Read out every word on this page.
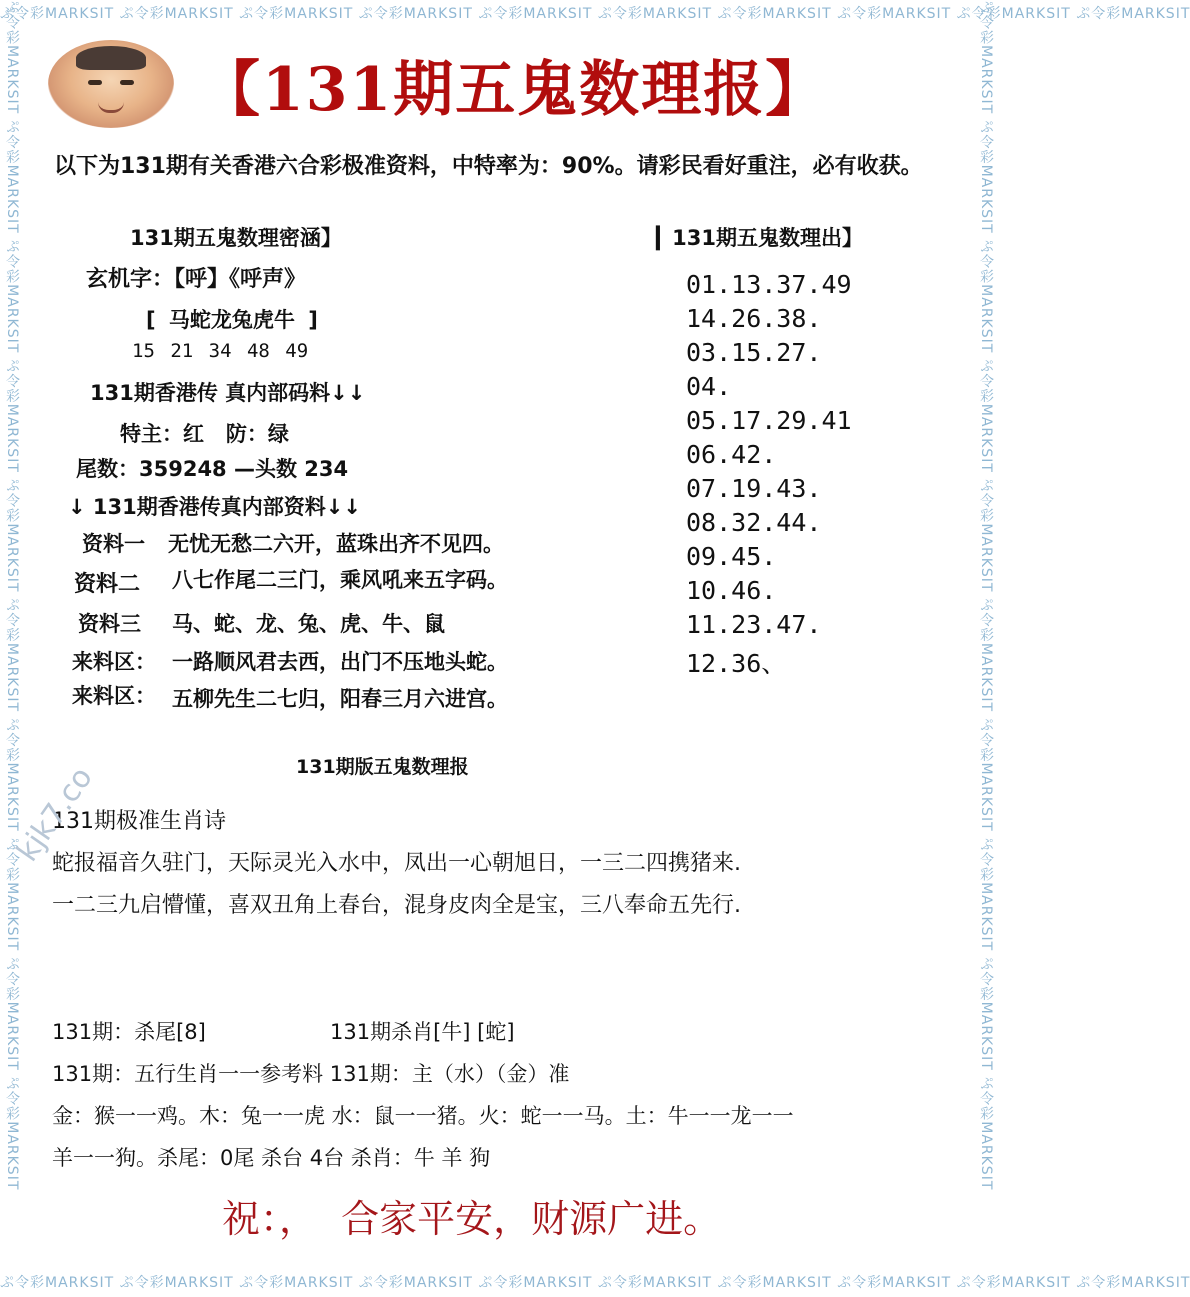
ぷ令彩MARKSIT ぷ令彩MARKSIT ぷ令彩MARKSIT ぷ令彩MARKSIT ぷ令彩MARKSIT ぷ令彩MARKSIT ぷ令彩MARKSIT ぷ令彩MARKSIT ぷ令彩MARKSIT ぷ令彩MARKSIT
ぷ令彩MARKSIT ぷ令彩MARKSIT ぷ令彩MARKSIT ぷ令彩MARKSIT ぷ令彩MARKSIT ぷ令彩MARKSIT ぷ令彩MARKSIT ぷ令彩MARKSIT ぷ令彩MARKSIT ぷ令彩MARKSIT
ぷ令彩MARKSIT ぷ令彩MARKSIT ぷ令彩MARKSIT ぷ令彩MARKSIT ぷ令彩MARKSIT ぷ令彩MARKSIT ぷ令彩MARKSIT ぷ令彩MARKSIT ぷ令彩MARKSIT ぷ令彩MARKSIT	ぷ令彩MARKSIT ぷ令彩MARKSIT ぷ令彩MARKSIT ぷ令彩MARKSIT ぷ令彩MARKSIT ぷ令彩MARKSIT ぷ令彩MARKSIT ぷ令彩MARKSIT ぷ令彩MARKSIT ぷ令彩MARKSIT
【131期五鬼数理报】
以下为131期有关香港六合彩极准资料，中特率为：90%。请彩民看好重注，必有收获。
131期五鬼数理密涵】
玄机字：【呼】《呼声》
[ 马蛇龙兔虎牛 ]
15 21 34 48 49
131期香港传 真内部码料↓↓
特主：红   防：绿
尾数：359248 —头数 234
↓ 131期香港传真内部资料↓↓
资料一 无忧无愁二六开，蓝珠出齐不见四。
资料二 八七作尾二三门，乘风吼来五字码。
资料三 马、蛇、龙、兔、虎、牛、鼠
来料区： 一路顺风君去西，出门不压地头蛇。
来料区： 五柳先生二七归，阳春三月六进宫。
▎131期五鬼数理出】
01.13.37.49
14.26.38.
03.15.27.
04.
05.17.29.41
06.42.
07.19.43.
08.32.44.
09.45.
10.46.
11.23.47.
12.36、
131期版五鬼数理报
131期极准生肖诗
蛇报福音久驻门，天际灵光入水中，凤出一心朝旭日，一三二四携猪来.
一二三九启懵懂，喜双丑角上春台，混身皮肉全是宝，三八奉命五先行.
131期：杀尾[8]	131期杀肖[牛] [蛇]
131期：五行生肖一一参考料 131期：主（水）（金）准
金：猴一一鸡。木：兔一一虎 水：鼠一一猪。火：蛇一一马。土：牛一一龙一一
羊一一狗。杀尾：0尾 杀台 4台 杀肖：牛 羊 狗
祝：，  合家平安，财源广进。
kjk7.co
